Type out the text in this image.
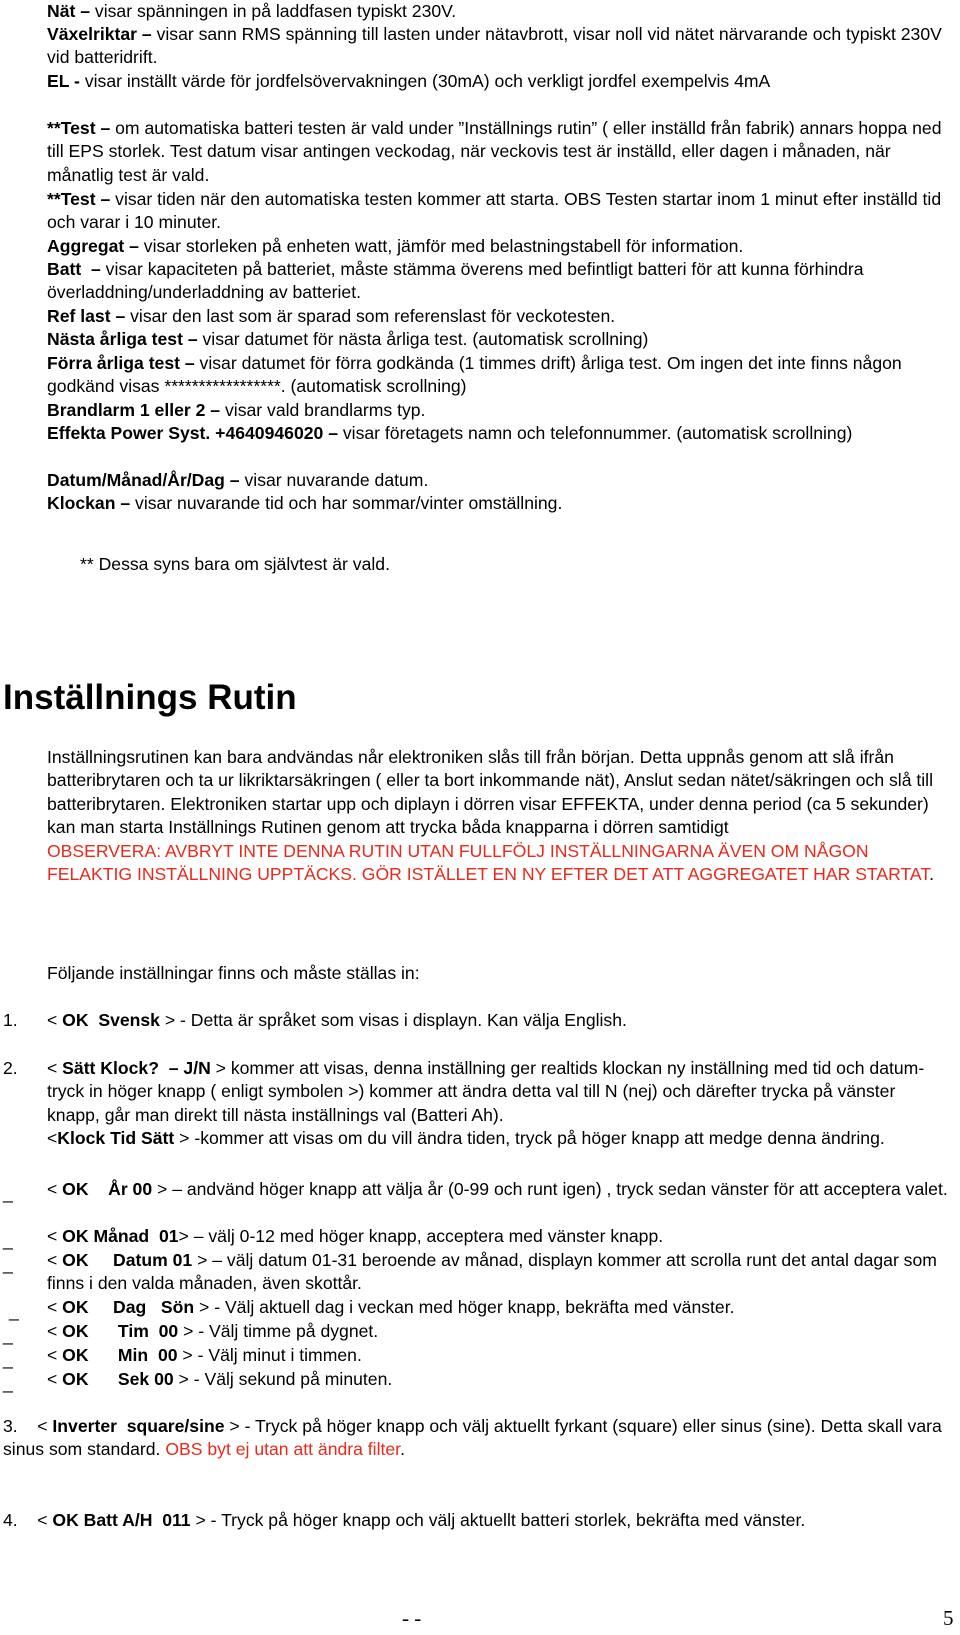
Nät – visar spänningen in på laddfasen typiskt 230V.

Växelriktar – visar sann RMS spänning till lasten under nätavbrott, visar noll vid nätet närvarande och typiskt 230V vid batteridrift.

EL - visar inställt värde för jordfelsövervakningen (30mA) och verkligt jordfel exempelvis 4mA

**Test – om automatiska batteri testen är vald under ”Inställnings rutin” ( eller inställd från fabrik) annars hoppa ned till EPS storlek. Test datum visar antingen veckodag, när veckovis test är inställd, eller dagen i månaden, när månatlig test är vald.

**Test – visar tiden när den automatiska testen kommer att starta. OBS Testen startar inom 1 minut efter inställd tid och varar i 10 minuter.

Aggregat – visar storleken på enheten watt, jämför med belastningstabell för information.

Batt  – visar kapaciteten på batteriet, måste stämma överens med befintligt batteri för att kunna förhindra överladdning/underladdning av batteriet.

Ref last – visar den last som är sparad som referenslast för veckotesten.

Nästa årliga test – visar datumet för nästa årliga test. (automatisk scrollning)

Förra årliga test – visar datumet för förra godkända (1 timmes drift) årliga test. Om ingen det inte finns någon godkänd visas *****************. (automatisk scrollning)

Brandlarm 1 eller 2 – visar vald brandlarms typ.

Effekta Power Syst. +4640946020 – visar företagets namn och telefonnummer. (automatisk scrollning)

Datum/Månad/År/Dag – visar nuvarande datum.

Klockan – visar nuvarande tid och har sommar/vinter omställning.

** Dessa syns bara om självtest är vald.

Inställnings Rutin

Inställningsrutinen kan bara andvändas når elektroniken slås till från början. Detta uppnås genom att slå ifrån batteribrytaren och ta ur likriktarsäkringen ( eller ta bort inkommande nät), Anslut sedan nätet/säkringen och slå till batteribrytaren. Elektroniken startar upp och diplayn i dörren visar EFFEKTA, under denna period (ca 5 sekunder) kan man starta Inställnings Rutinen genom att trycka båda knapparna i dörren samtidigt
OBSERVERA: AVBRYT INTE DENNA RUTIN UTAN FULLFÖLJ INSTÄLLNINGARNA ÄVEN OM NÅGON FELAKTIG INSTÄLLNING UPPTÄCKS. GÖR ISTÄLLET EN NY EFTER DET ATT AGGREGATET HAR STARTAT.

Följande inställningar finns och måste ställas in:

1. < OK  Svensk > - Detta är språket som visas i displayn. Kan välja English.

2. < Sätt Klock?  – J/N > kommer att visas, denna inställning ger realtids klockan ny inställning med tid och datum- tryck in höger knapp ( enligt symbolen >) kommer att ändra detta val till N (nej) och därefter trycka på vänster knapp, går man direkt till nästa inställnings val (Batteri Ah).
<Klock Tid Sätt > -kommer att visas om du vill ändra tiden, tryck på höger knapp att medge denna ändring.

_ < OK    År 00 > – andvänd höger knapp att välja år (0-99 och runt igen) , tryck sedan vänster för att acceptera valet.

_ < OK Månad  01> – välj 0-12 med höger knapp, acceptera med vänster knapp.

_ < OK     Datum 01 > – välj datum 01-31 beroende av månad, displayn kommer att scrolla runt det antal dagar som finns i den valda månaden, även skottår.

_ < OK     Dag   Sön > - Välj aktuell dag i veckan med höger knapp, bekräfta med vänster.

_ < OK      Tim  00 > - Välj timme på dygnet.

_ < OK      Min  00 > - Välj minut i timmen.

_ < OK      Sek 00 > - Välj sekund på minuten.

3.    < Inverter  square/sine > - Tryck på höger knapp och välj aktuellt fyrkant (square) eller sinus (sine). Detta skall vara sinus som standard. OBS byt ej utan att ändra filter.

4.    < OK Batt A/H  011 > - Tryck på höger knapp och välj aktuellt batteri storlek, bekräfta med vänster.

- -	5
